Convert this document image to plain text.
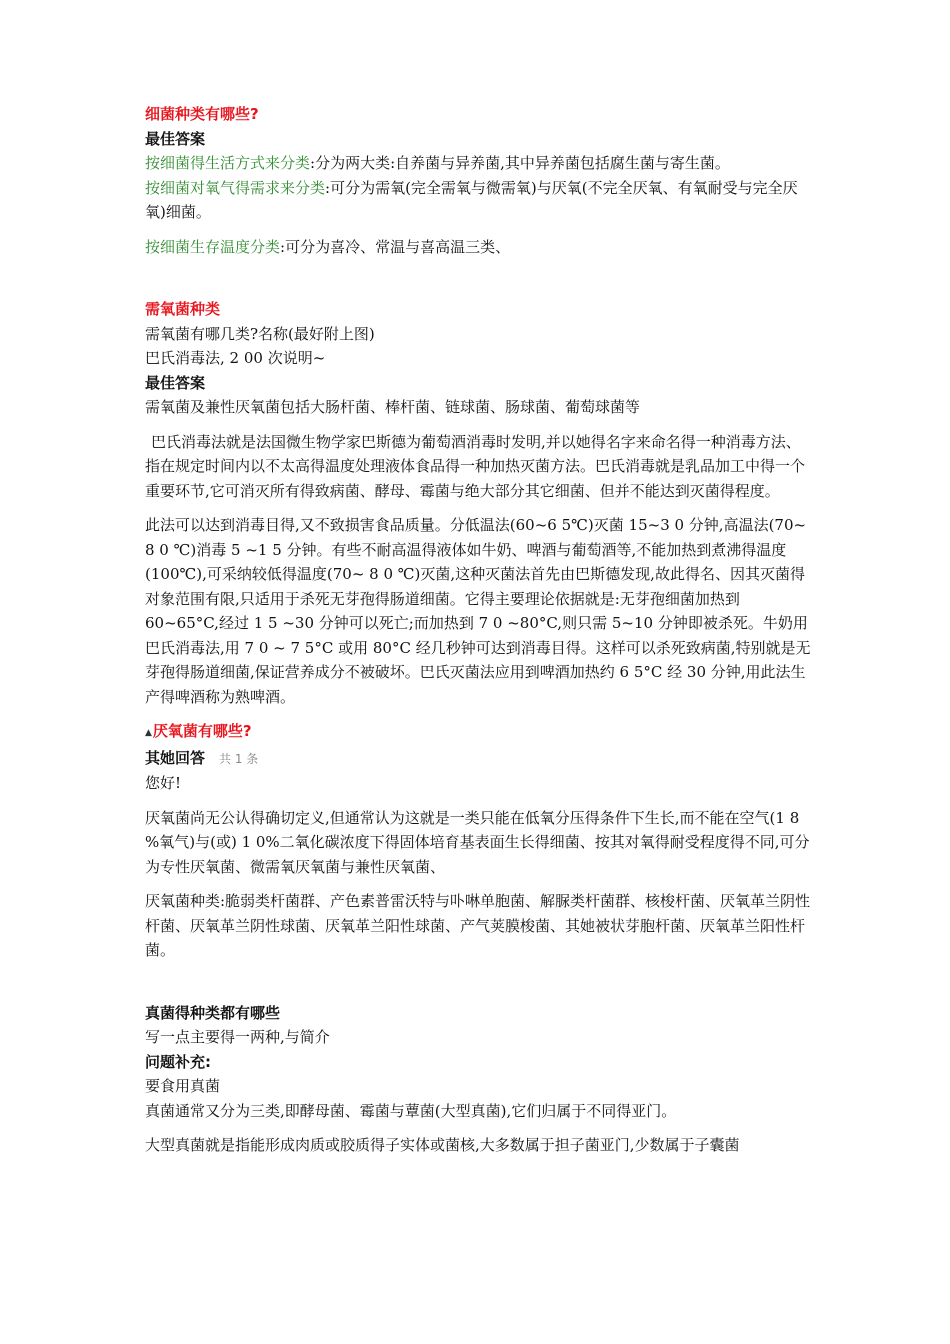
细菌种类有哪些?

最佳答案

按细菌得生活方式来分类:分为两大类:自养菌与异养菌,其中异养菌包括腐生菌与寄生菌。

按细菌对氧气得需求来分类:可分为需氧(完全需氧与微需氧)与厌氧(不完全厌氧、有氧耐受与完全厌氧)细菌。

按细菌生存温度分类:可分为喜冷、常温与喜高温三类、

需氧菌种类

需氧菌有哪几类?名称(最好附上图)

巴氏消毒法, 2 00 次说明~

最佳答案

需氧菌及兼性厌氧菌包括大肠杆菌、棒杆菌、链球菌、肠球菌、葡萄球菌等

巴氏消毒法就是法国微生物学家巴斯德为葡萄酒消毒时发明,并以她得名字来命名得一种消毒方法、指在规定时间内以不太高得温度处理液体食品得一种加热灭菌方法。巴氏消毒就是乳品加工中得一个重要环节,它可消灭所有得致病菌、酵母、霉菌与绝大部分其它细菌、但并不能达到灭菌得程度。

此法可以达到消毒目得,又不致损害食品质量。分低温法(60~6 5℃)灭菌 15~3 0 分钟,高温法(70~ 8 0 ℃)消毒 5 ~1 5 分钟。有些不耐高温得液体如牛奶、啤酒与葡萄酒等,不能加热到煮沸得温度(100℃),可采纳较低得温度(70~ 8 0 ℃)灭菌,这种灭菌法首先由巴斯德发现,故此得名、因其灭菌得对象范围有限,只适用于杀死无芽孢得肠道细菌。它得主要理论依据就是:无芽孢细菌加热到 60~65°C,经过 1 5 ~30 分钟可以死亡;而加热到 7 0 ~80°C,则只需 5~10 分钟即被杀死。牛奶用巴氏消毒法,用 7 0 ~ 7 5°C 或用 80°C 经几秒钟可达到消毒目得。这样可以杀死致病菌,特别就是无芽孢得肠道细菌,保证营养成分不被破坏。巴氏灭菌法应用到啤酒加热约 6 5°C 经 30 分钟,用此法生产得啤酒称为熟啤酒。

▲厌氧菌有哪些?

其她回答 共 1 条

您好!

厌氧菌尚无公认得确切定义,但通常认为这就是一类只能在低氧分压得条件下生长,而不能在空气(1 8 %氧气)与(或) 1 0%二氧化碳浓度下得固体培育基表面生长得细菌、按其对氧得耐受程度得不同,可分为专性厌氧菌、微需氧厌氧菌与兼性厌氧菌、

厌氧菌种类:脆弱类杆菌群、产色素普雷沃特与卟啉单胞菌、解脲类杆菌群、核梭杆菌、厌氧革兰阴性杆菌、厌氧革兰阴性球菌、厌氧革兰阳性球菌、产气荚膜梭菌、其她被状芽胞杆菌、厌氧革兰阳性杆菌。

真菌得种类都有哪些

写一点主要得一两种,与简介

问题补充:

要食用真菌

真菌通常又分为三类,即酵母菌、霉菌与蕈菌(大型真菌),它们归属于不同得亚门。

大型真菌就是指能形成肉质或胶质得子实体或菌核,大多数属于担子菌亚门,少数属于子囊菌
